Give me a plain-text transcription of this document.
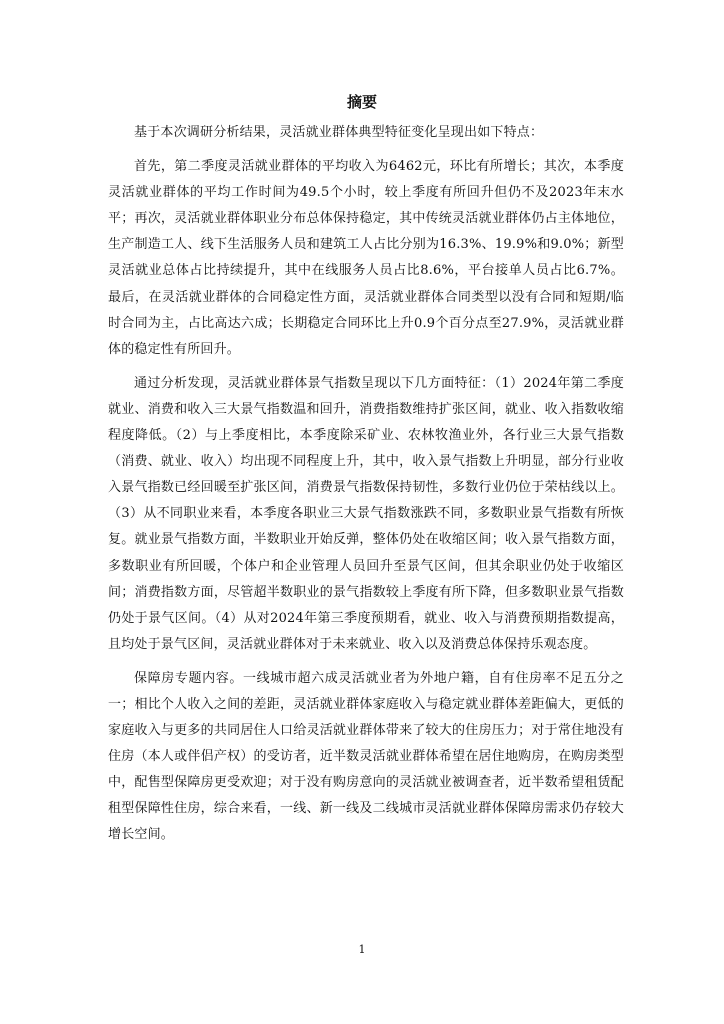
摘要

基于本次调研分析结果，灵活就业群体典型特征变化呈现出如下特点：

首先，第二季度灵活就业群体的平均收入为6462元，环比有所增长；其次，本季度灵活就业群体的平均工作时间为49.5个小时，较上季度有所回升但仍不及2023年末水平；再次，灵活就业群体职业分布总体保持稳定，其中传统灵活就业群体仍占主体地位，生产制造工人、线下生活服务人员和建筑工人占比分别为16.3%、19.9%和9.0%；新型灵活就业总体占比持续提升，其中在线服务人员占比8.6%，平台接单人员占比6.7%。最后，在灵活就业群体的合同稳定性方面，灵活就业群体合同类型以没有合同和短期/临时合同为主，占比高达六成；长期稳定合同环比上升0.9个百分点至27.9%，灵活就业群体的稳定性有所回升。

通过分析发现，灵活就业群体景气指数呈现以下几方面特征：（1）2024年第二季度就业、消费和收入三大景气指数温和回升，消费指数维持扩张区间，就业、收入指数收缩程度降低。（2）与上季度相比，本季度除采矿业、农林牧渔业外，各行业三大景气指数（消费、就业、收入）均出现不同程度上升，其中，收入景气指数上升明显，部分行业收入景气指数已经回暖至扩张区间，消费景气指数保持韧性，多数行业仍位于荣枯线以上。（3）从不同职业来看，本季度各职业三大景气指数涨跌不同，多数职业景气指数有所恢复。就业景气指数方面，半数职业开始反弹，整体仍处在收缩区间；收入景气指数方面，多数职业有所回暖，个体户和企业管理人员回升至景气区间，但其余职业仍处于收缩区间；消费指数方面，尽管超半数职业的景气指数较上季度有所下降，但多数职业景气指数仍处于景气区间。（4）从对2024年第三季度预期看，就业、收入与消费预期指数提高，且均处于景气区间，灵活就业群体对于未来就业、收入以及消费总体保持乐观态度。

保障房专题内容。一线城市超六成灵活就业者为外地户籍，自有住房率不足五分之一；相比个人收入之间的差距，灵活就业群体家庭收入与稳定就业群体差距偏大，更低的家庭收入与更多的共同居住人口给灵活就业群体带来了较大的住房压力；对于常住地没有住房（本人或伴侣产权）的受访者，近半数灵活就业群体希望在居住地购房，在购房类型中，配售型保障房更受欢迎；对于没有购房意向的灵活就业被调查者，近半数希望租赁配租型保障性住房，综合来看，一线、新一线及二线城市灵活就业群体保障房需求仍存较大增长空间。

1
